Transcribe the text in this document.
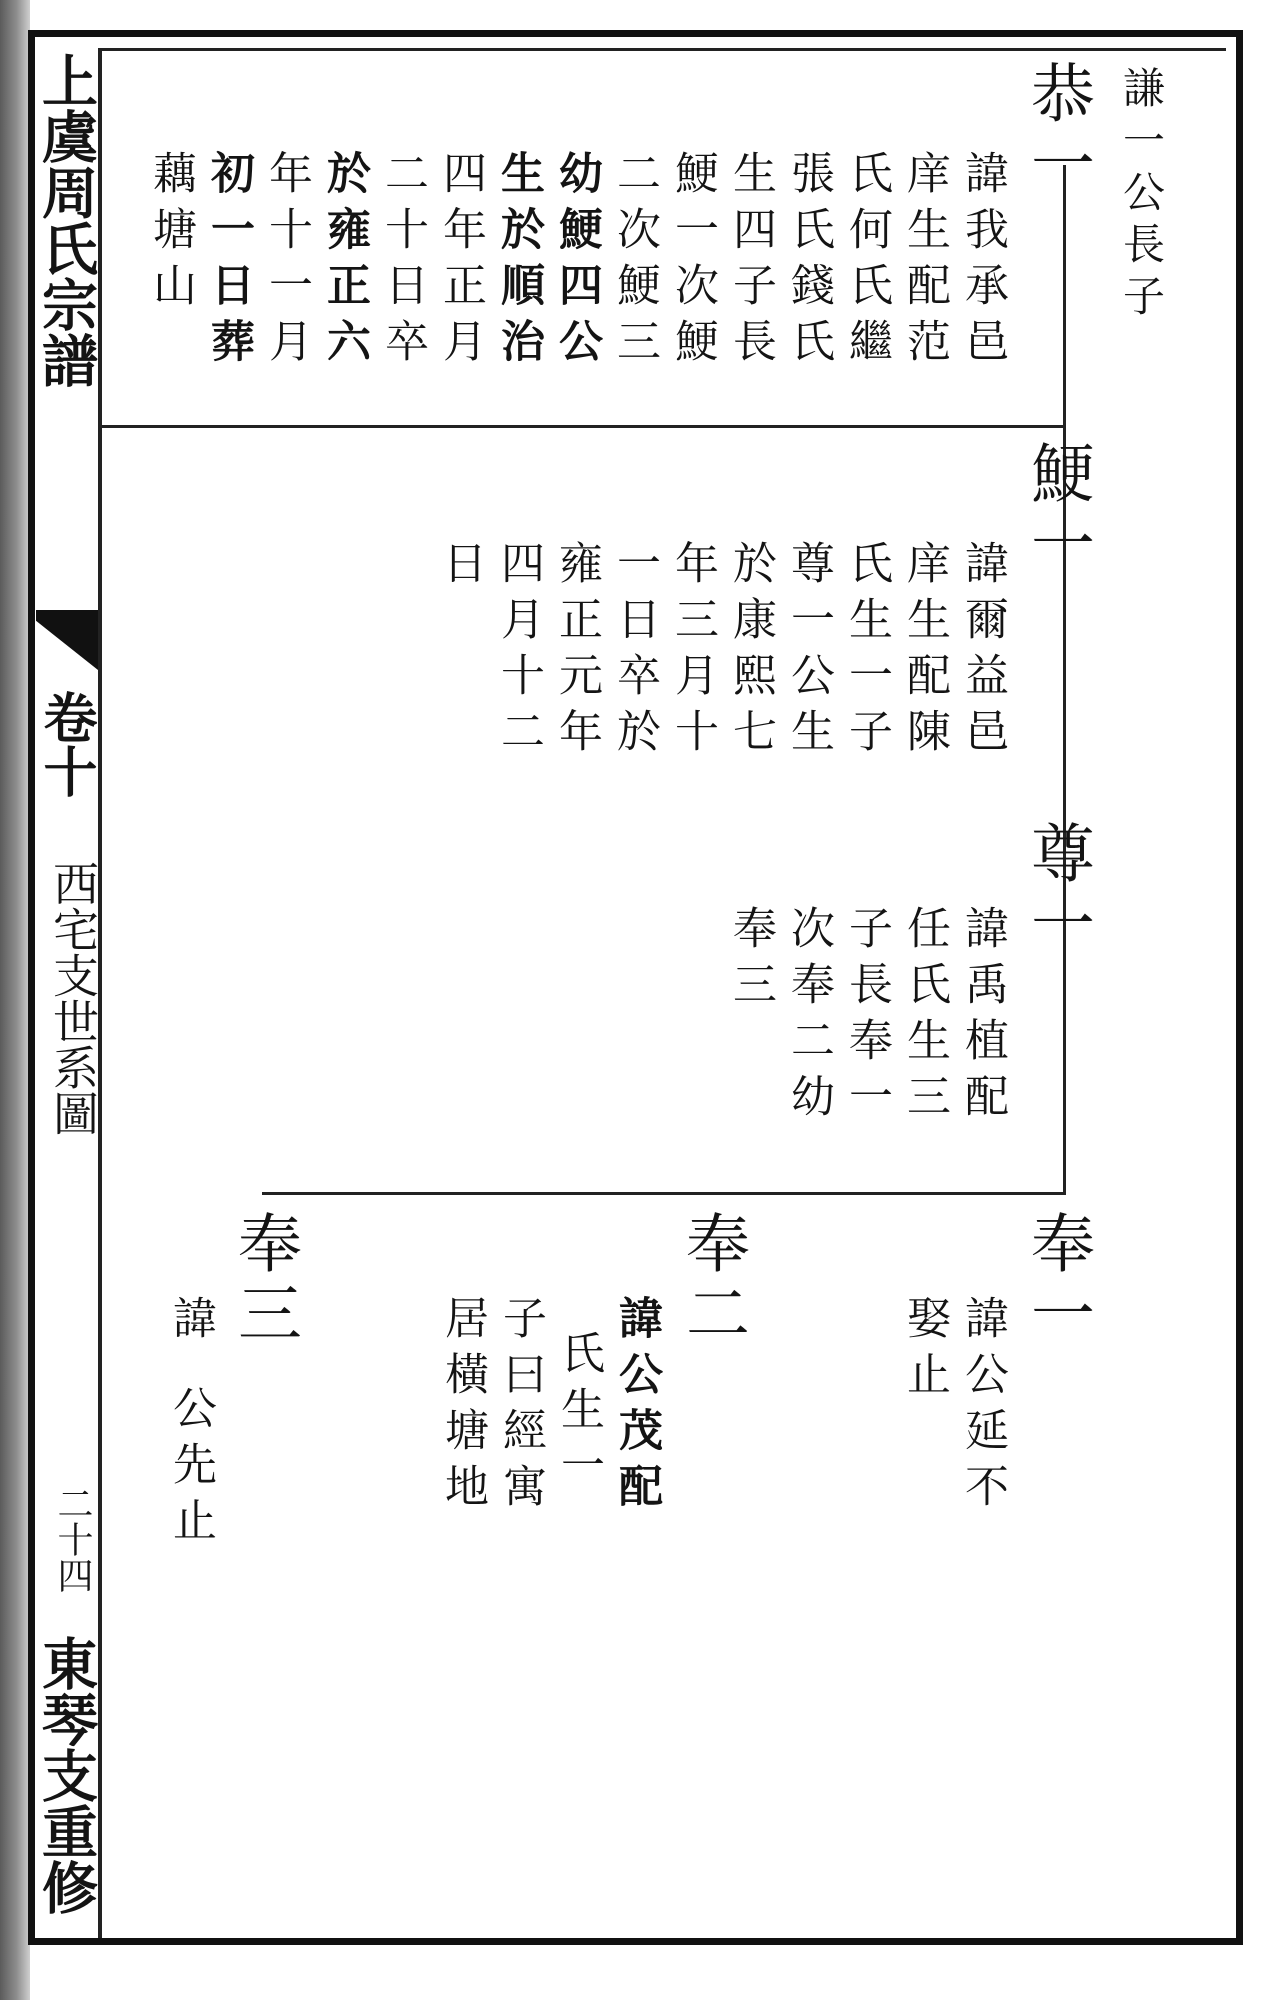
上虞周氏宗譜
卷十
西宅支世系圖
二十四
東琴支重修
謙一公長子
恭一
鯁一
尊一
奉一
奉二
奉三
諱我承邑
庠生配范
氏何氏繼
張氏錢氏
生四子長
鯁一次鯁
二次鯁三
幼鯁四公
生於順治
四年正月
二十日卒
於雍正六
年十一月
初一日葬
藕塘山
諱爾益邑
庠生配陳
氏生一子
尊一公生
於康熙七
年三月十
一日卒於
雍正元年
四月十二
日
諱禹植配
任氏生三
子長奉一
次奉二幼
奉三
諱公延不
娶止
諱公茂配
氏生一
子曰經寓
居橫塘地
諱
公先止
